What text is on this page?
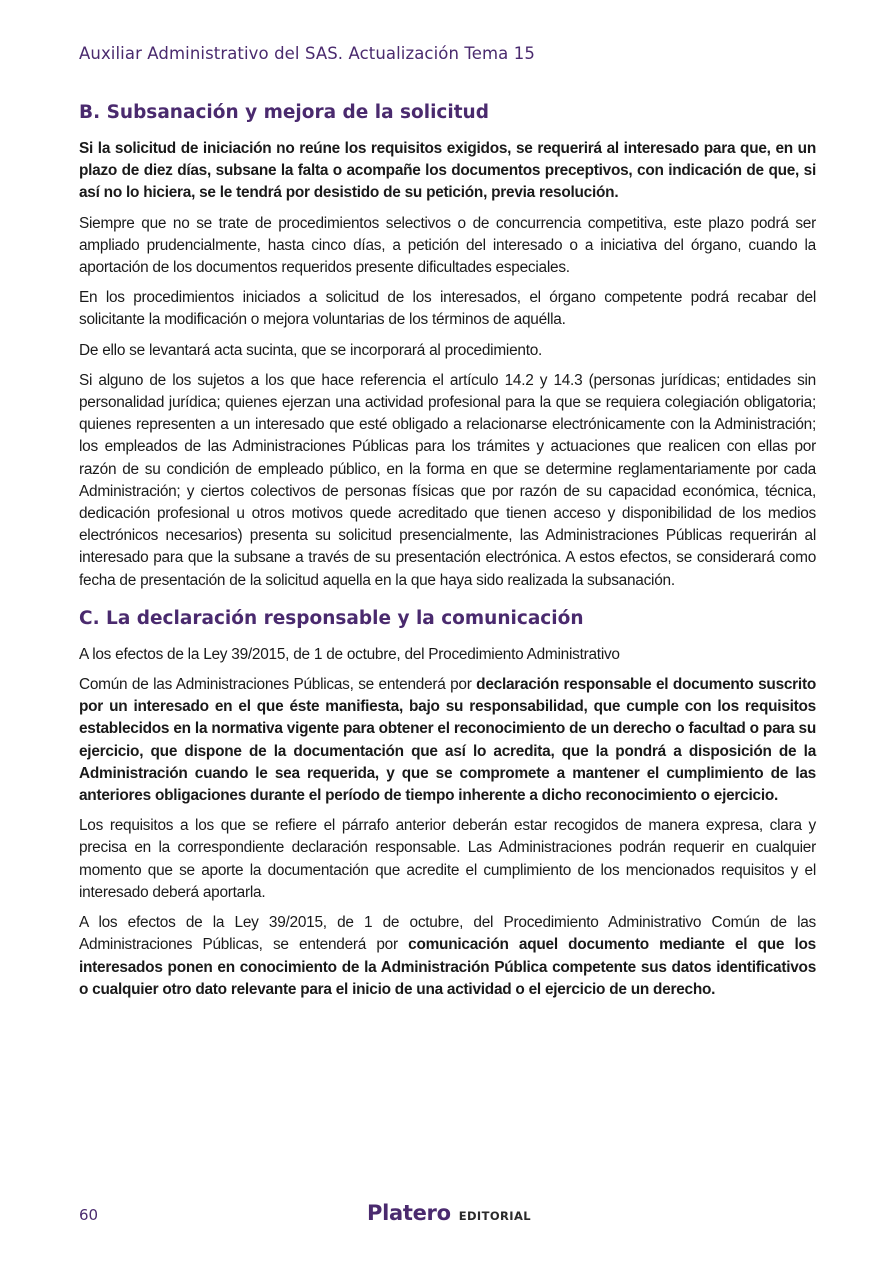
Auxiliar Administrativo del SAS. Actualización Tema 15
B. Subsanación y mejora de la solicitud

Si la solicitud de iniciación no reúne los requisitos exigidos, se requerirá al interesado para que, en un plazo de diez días, subsane la falta o acompañe los documentos preceptivos, con indicación de que, si así no lo hiciera, se le tendrá por desistido de su petición, previa resolución.

Siempre que no se trate de procedimientos selectivos o de concurrencia competitiva, este plazo podrá ser ampliado prudencialmente, hasta cinco días, a petición del interesado o a iniciativa del órgano, cuando la aportación de los documentos requeridos presente dificultades especiales.

En los procedimientos iniciados a solicitud de los interesados, el órgano competente podrá recabar del solicitante la modificación o mejora voluntarias de los términos de aquélla.

De ello se levantará acta sucinta, que se incorporará al procedimiento.

Si alguno de los sujetos a los que hace referencia el artículo 14.2 y 14.3 (personas jurídicas; entidades sin personalidad jurídica; quienes ejerzan una actividad profesional para la que se requiera colegiación obligatoria; quienes representen a un interesado que esté obligado a relacionarse electrónicamente con la Administración; los empleados de las Administraciones Públicas para los trámites y actuaciones que realicen con ellas por razón de su condición de empleado público, en la forma en que se determine reglamentariamente por cada Administración; y ciertos colectivos de personas físicas que por razón de su capacidad económica, técnica, dedicación profesional u otros motivos quede acreditado que tienen acceso y disponibilidad de los medios electrónicos necesarios) presenta su solicitud presencialmente, las Administraciones Públicas requerirán al interesado para que la subsane a través de su presentación electrónica. A estos efectos, se considerará como fecha de presentación de la solicitud aquella en la que haya sido realizada la subsanación.

C. La declaración responsable y la comunicación

A los efectos de la Ley 39/2015, de 1 de octubre, del Procedimiento Administrativo

Común de las Administraciones Públicas, se entenderá por declaración responsable el documento suscrito por un interesado en el que éste manifiesta, bajo su responsabilidad, que cumple con los requisitos establecidos en la normativa vigente para obtener el reconocimiento de un derecho o facultad o para su ejercicio, que dispone de la documentación que así lo acredita, que la pondrá a disposición de la Administración cuando le sea requerida, y que se compromete a mantener el cumplimiento de las anteriores obligaciones durante el período de tiempo inherente a dicho reconocimiento o ejercicio.

Los requisitos a los que se refiere el párrafo anterior deberán estar recogidos de manera expresa, clara y precisa en la correspondiente declaración responsable. Las Administraciones podrán requerir en cualquier momento que se aporte la documentación que acredite el cumplimiento de los mencionados requisitos y el interesado deberá aportarla.

A los efectos de la Ley 39/2015, de 1 de octubre, del Procedimiento Administrativo Común de las Administraciones Públicas, se entenderá por comunicación aquel documento mediante el que los interesados ponen en conocimiento de la Administración Pública competente sus datos identificativos o cualquier otro dato relevante para el inicio de una actividad o el ejercicio de un derecho.

60	Platero EDITORIAL
